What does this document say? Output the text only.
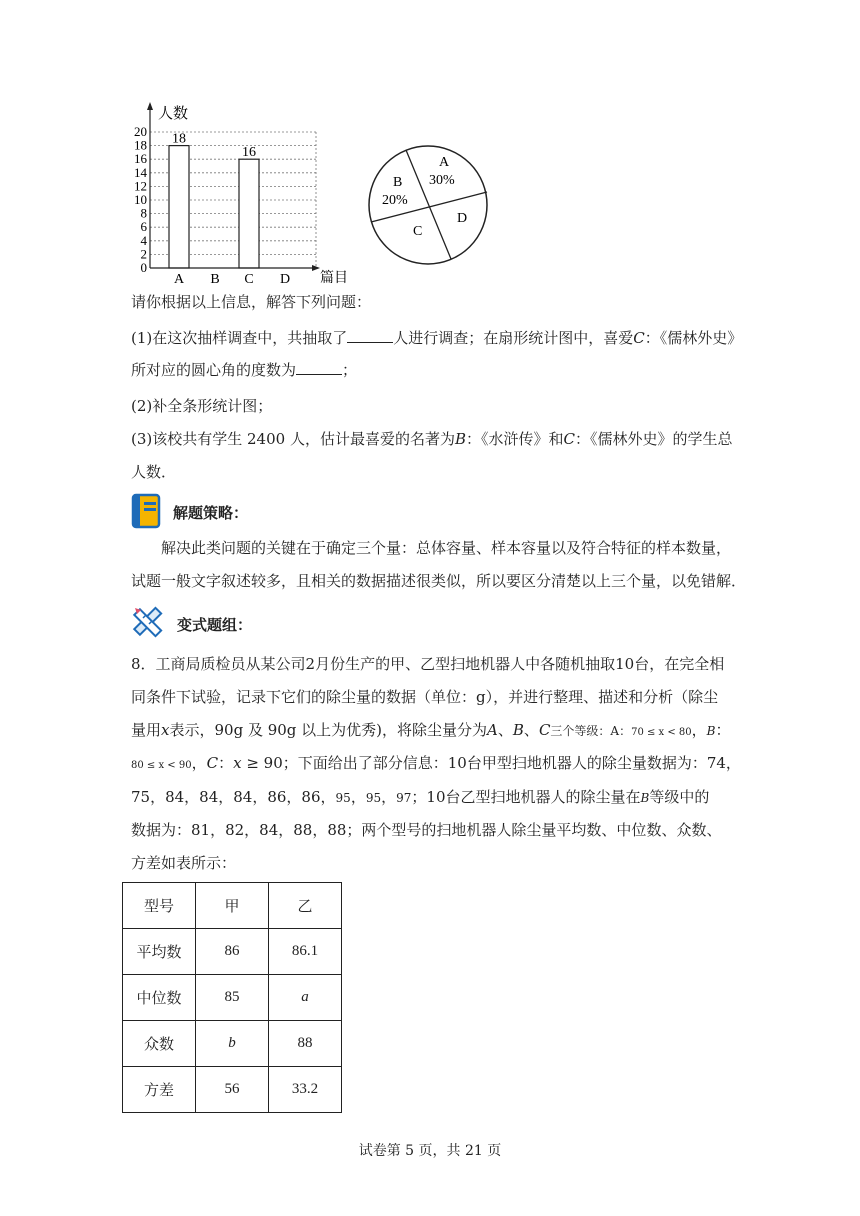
0
2
4
6
8
10
12
14
16
18
20
18
16
A B C D
人数
篇目
A
30%
B
20%
C
D
请你根据以上信息，解答下列问题：
(1)在这次抽样调查中，共抽取了	人进行调查；在扇形统计图中，喜爱C：《儒林外史》
所对应的圆心角的度数为	；
(2)补全条形统计图；
(3)该校共有学生 2400 人，估计最喜爱的名著为B：《水浒传》和C：《儒林外史》的学生总
人数．
解题策略：
解决此类问题的关键在于确定三个量：总体容量、样本容量以及符合特征的样本数量，
试题一般文字叙述较多，且相关的数据描述很类似，所以要区分清楚以上三个量，以免错解．
变式题组：
8．工商局质检员从某公司2月份生产的甲、乙型扫地机器人中各随机抽取10台，在完全相
同条件下试验，记录下它们的除尘量的数据（单位：g），并进行整理、描述和分析（除尘
量用x表示，90g 及 90g 以上为优秀)，将除尘量分为A、B、C三个等级：A：70 ≤ x < 80，B：
80 ≤ x < 90，C：x ≥ 90；下面给出了部分信息：10台甲型扫地机器人的除尘量数据为：74，
75，84，84，84，86，86，95，95，97；10台乙型扫地机器人的除尘量在B等级中的
数据为：81，82，84，88，88；两个型号的扫地机器人除尘量平均数、中位数、众数、
方差如表所示：
型号	甲	乙
平均数	86	86.1
中位数	85	a
众数	b	88
方差	56	33.2
试卷第 5 页，共 21 页
